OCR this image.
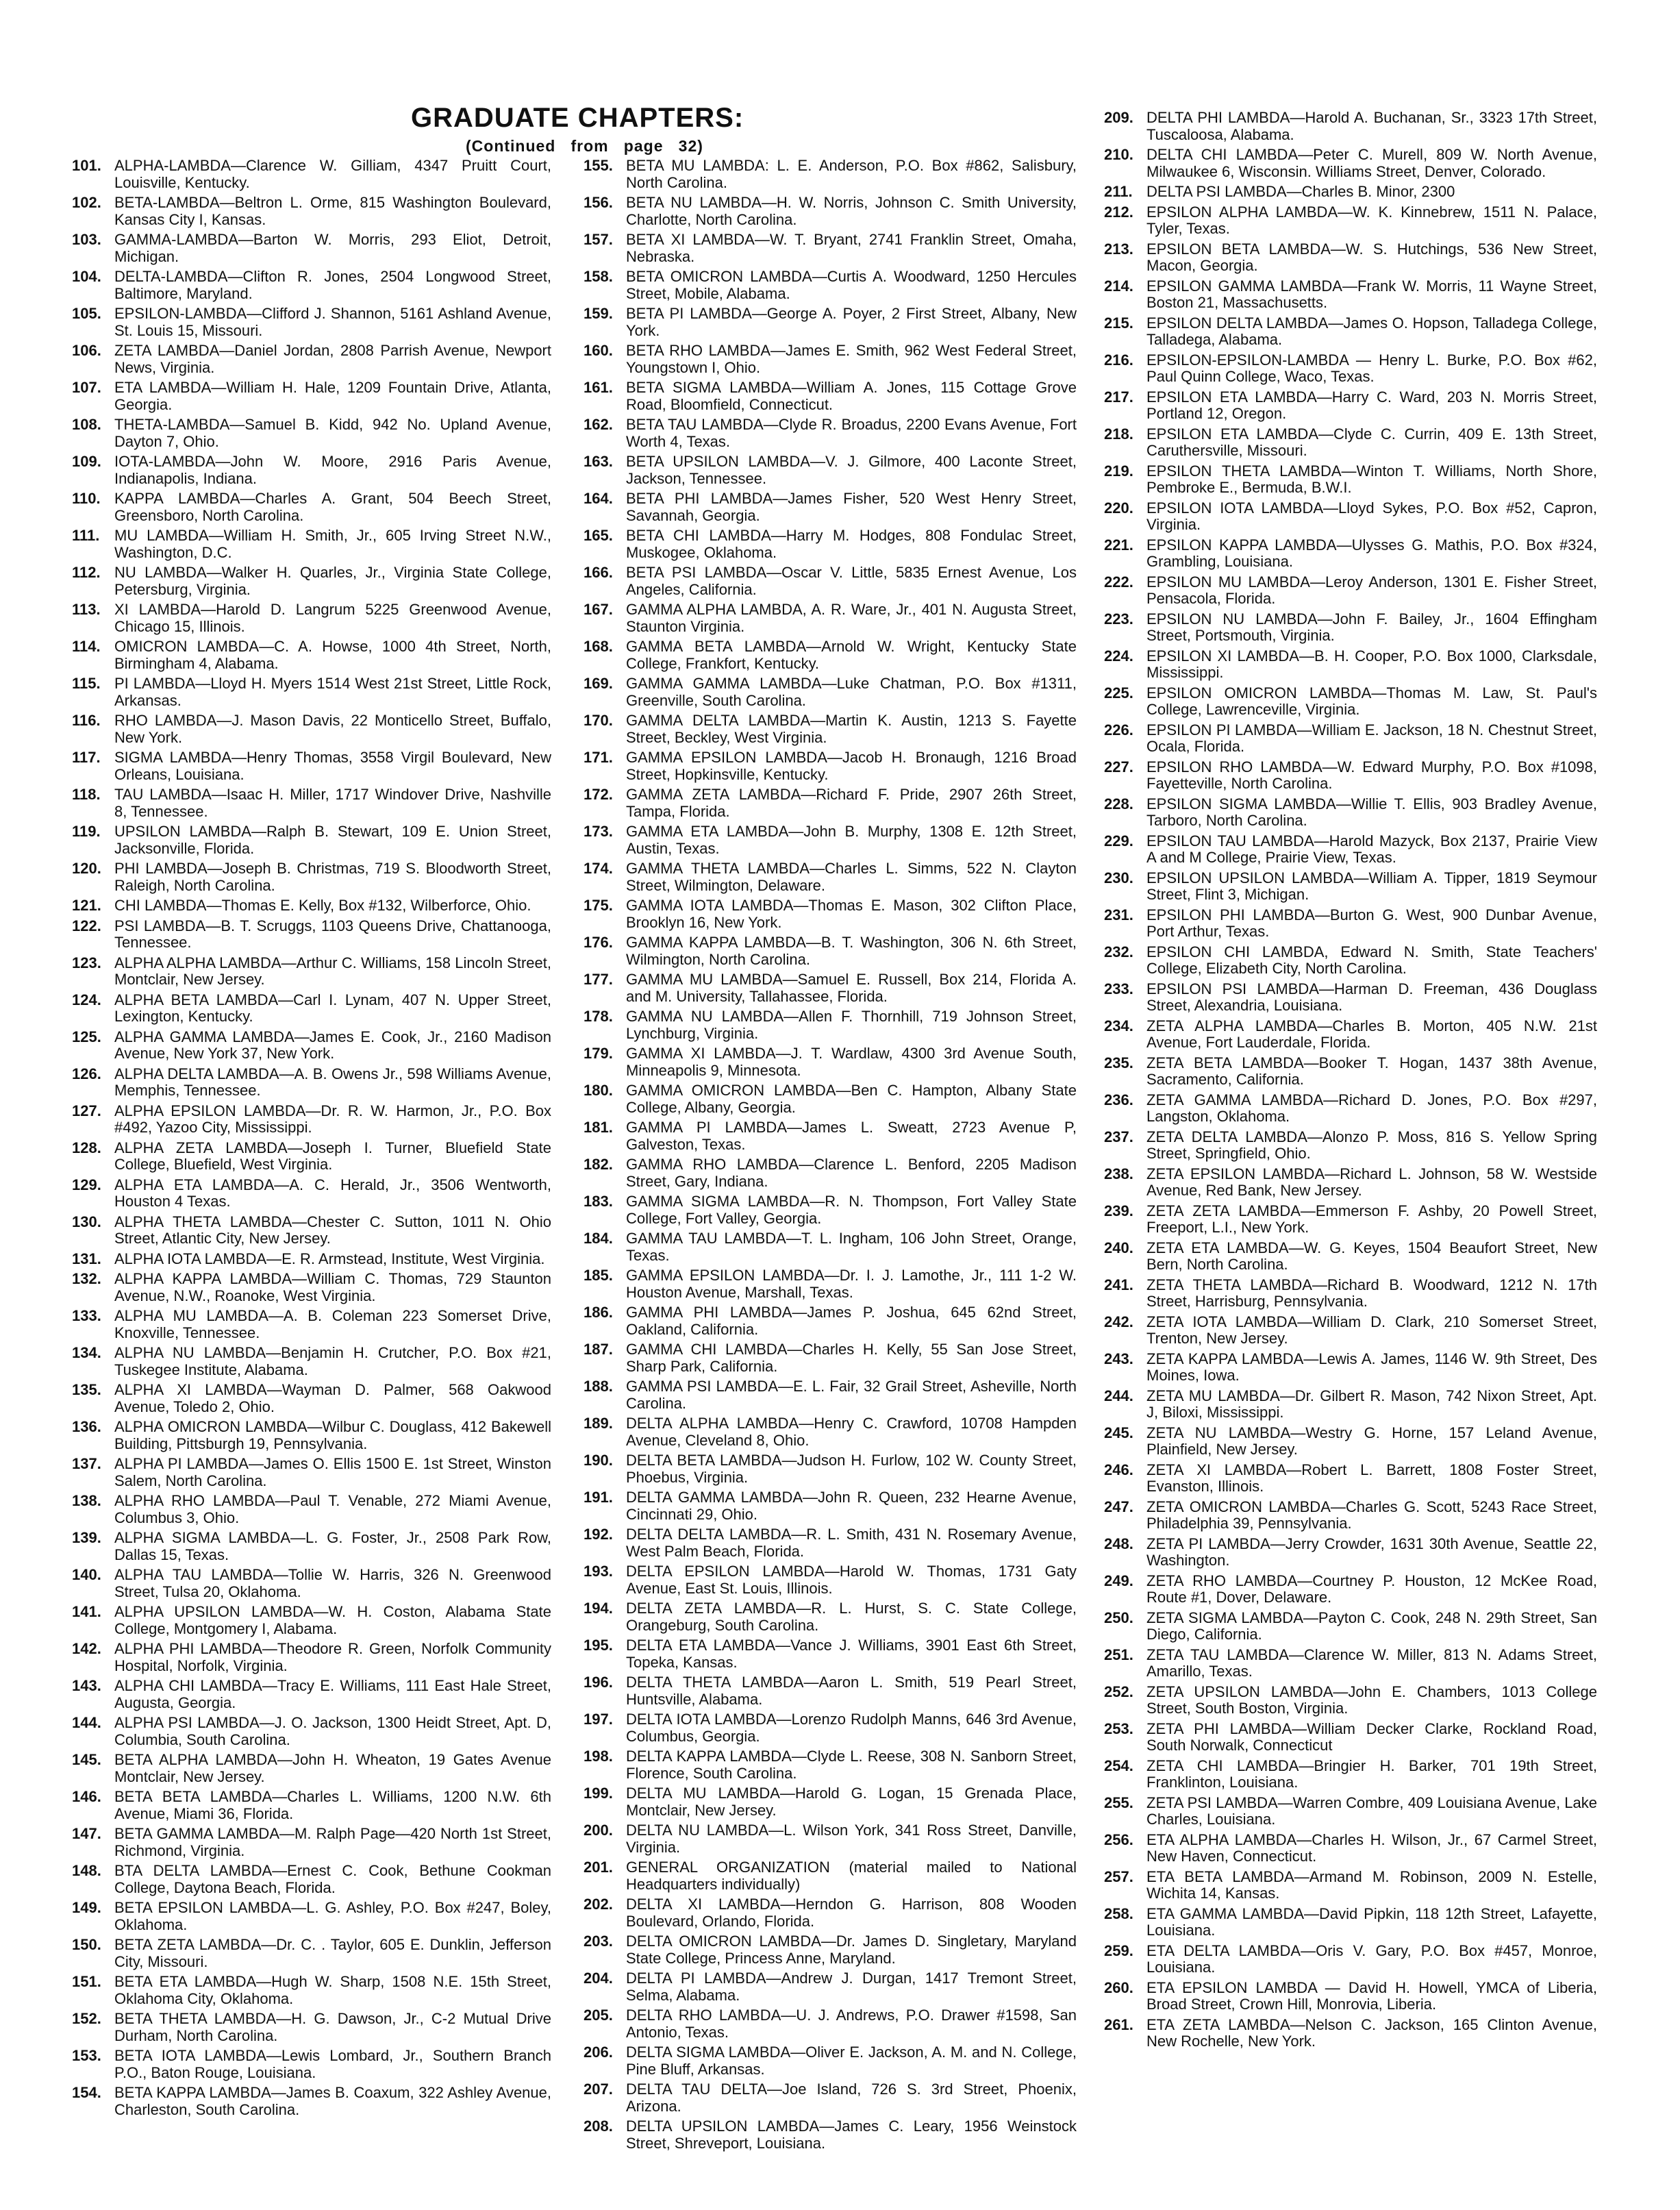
GRADUATE CHAPTERS:
(Continued   from   page   32)
101. ALPHA-LAMBDA—Clarence W. Gilliam, 4347 Pruitt Court, Louisville, Kentucky.
102. BETA-LAMBDA—Beltron L. Orme, 815 Washington Boulevard, Kansas City I, Kansas.
103. GAMMA-LAMBDA—Barton W. Morris, 293 Eliot, Detroit, Michigan.
104. DELTA-LAMBDA—Clifton R. Jones, 2504 Longwood Street, Baltimore, Maryland.
105. EPSILON-LAMBDA—Clifford J. Shannon, 5161 Ashland Avenue, St. Louis 15, Missouri.
106. ZETA LAMBDA—Daniel Jordan, 2808 Parrish Avenue, Newport News, Virginia.
107. ETA LAMBDA—William H. Hale, 1209 Fountain Drive, Atlanta, Georgia.
108. THETA-LAMBDA—Samuel B. Kidd, 942 No. Upland Avenue, Dayton 7, Ohio.
109. IOTA-LAMBDA—John W. Moore, 2916 Paris Avenue, Indianapolis, Indiana.
110. KAPPA LAMBDA—Charles A. Grant, 504 Beech Street, Greensboro, North Carolina.
111. MU LAMBDA—William H. Smith, Jr., 605 Irving Street N.W., Washington, D.C.
112. NU LAMBDA—Walker H. Quarles, Jr., Virginia State College, Petersburg, Virginia.
113. XI LAMBDA—Harold D. Langrum 5225 Greenwood Avenue, Chicago 15, Illinois.
114. OMICRON LAMBDA—C. A. Howse, 1000 4th Street, North, Birmingham 4, Alabama.
115. PI LAMBDA—Lloyd H. Myers 1514 West 21st Street, Little Rock, Arkansas.
116. RHO LAMBDA—J. Mason Davis, 22 Monticello Street, Buffalo, New York.
117. SIGMA LAMBDA—Henry Thomas, 3558 Virgil Boulevard, New Orleans, Louisiana.
118. TAU LAMBDA—Isaac H. Miller, 1717 Windover Drive, Nashville 8, Tennessee.
119. UPSILON LAMBDA—Ralph B. Stewart, 109 E. Union Street, Jacksonville, Florida.
120. PHI LAMBDA—Joseph B. Christmas, 719 S. Bloodworth Street, Raleigh, North Carolina.
121. CHI LAMBDA—Thomas E. Kelly, Box #132, Wilberforce, Ohio.
122. PSI LAMBDA—B. T. Scruggs, 1103 Queens Drive, Chattanooga, Tennessee.
123. ALPHA ALPHA LAMBDA—Arthur C. Williams, 158 Lincoln Street, Montclair, New Jersey.
124. ALPHA BETA LAMBDA—Carl I. Lynam, 407 N. Upper Street, Lexington, Kentucky.
125. ALPHA GAMMA LAMBDA—James E. Cook, Jr., 2160 Madison Avenue, New York 37, New York.
126. ALPHA DELTA LAMBDA—A. B. Owens Jr., 598 Williams Avenue, Memphis, Tennessee.
127. ALPHA EPSILON LAMBDA—Dr. R. W. Harmon, Jr., P.O. Box #492, Yazoo City, Mississippi.
128. ALPHA ZETA LAMBDA—Joseph I. Turner, Bluefield State College, Bluefield, West Virginia.
129. ALPHA ETA LAMBDA—A. C. Herald, Jr., 3506 Wentworth, Houston 4 Texas.
130. ALPHA THETA LAMBDA—Chester C. Sutton, 1011 N. Ohio Street, Atlantic City, New Jersey.
131. ALPHA IOTA LAMBDA—E. R. Armstead, Institute, West Virginia.
132. ALPHA KAPPA LAMBDA—William C. Thomas, 729 Staunton Avenue, N.W., Roanoke, West Virginia.
133. ALPHA MU LAMBDA—A. B. Coleman 223 Somerset Drive, Knoxville, Tennessee.
134. ALPHA NU LAMBDA—Benjamin H. Crutcher, P.O. Box #21, Tuskegee Institute, Alabama.
135. ALPHA XI LAMBDA—Wayman D. Palmer, 568 Oakwood Avenue, Toledo 2, Ohio.
136. ALPHA OMICRON LAMBDA—Wilbur C. Douglass, 412 Bakewell Building, Pittsburgh 19, Pennsylvania.
137. ALPHA PI LAMBDA—James O. Ellis 1500 E. 1st Street, Winston Salem, North Carolina.
138. ALPHA RHO LAMBDA—Paul T. Venable, 272 Miami Avenue, Columbus 3, Ohio.
139. ALPHA SIGMA LAMBDA—L. G. Foster, Jr., 2508 Park Row, Dallas 15, Texas.
140. ALPHA TAU LAMBDA—Tollie W. Harris, 326 N. Greenwood Street, Tulsa 20, Oklahoma.
141. ALPHA UPSILON LAMBDA—W. H. Coston, Alabama State College, Montgomery I, Alabama.
142. ALPHA PHI LAMBDA—Theodore R. Green, Norfolk Community Hospital, Norfolk, Virginia.
143. ALPHA CHI LAMBDA—Tracy E. Williams, 111 East Hale Street, Augusta, Georgia.
144. ALPHA PSI LAMBDA—J. O. Jackson, 1300 Heidt Street, Apt. D, Columbia, South Carolina.
145. BETA ALPHA LAMBDA—John H. Wheaton, 19 Gates Avenue Montclair, New Jersey.
146. BETA BETA LAMBDA—Charles L. Williams, 1200 N.W. 6th Avenue, Miami 36, Florida.
147. BETA GAMMA LAMBDA—M. Ralph Page—420 North 1st Street, Richmond, Virginia.
148. BTA DELTA LAMBDA—Ernest C. Cook, Bethune Cookman College, Daytona Beach, Florida.
149. BETA EPSILON LAMBDA—L. G. Ashley, P.O. Box #247, Boley, Oklahoma.
150. BETA ZETA LAMBDA—Dr. C. . Taylor, 605 E. Dunklin, Jefferson City, Missouri.
151. BETA ETA LAMBDA—Hugh W. Sharp, 1508 N.E. 15th Street, Oklahoma City, Oklahoma.
152. BETA THETA LAMBDA—H. G. Dawson, Jr., C-2 Mutual Drive Durham, North Carolina.
153. BETA IOTA LAMBDA—Lewis Lombard, Jr., Southern Branch P.O., Baton Rouge, Louisiana.
154. BETA KAPPA LAMBDA—James B. Coaxum, 322 Ashley Avenue, Charleston, South Carolina.
155. BETA MU LAMBDA: L. E. Anderson, P.O. Box #862, Salisbury, North Carolina.
156. BETA NU LAMBDA—H. W. Norris, Johnson C. Smith University, Charlotte, North Carolina.
157. BETA XI LAMBDA—W. T. Bryant, 2741 Franklin Street, Omaha, Nebraska.
158. BETA OMICRON LAMBDA—Curtis A. Woodward, 1250 Hercules Street, Mobile, Alabama.
159. BETA PI LAMBDA—George A. Poyer, 2 First Street, Albany, New York.
160. BETA RHO LAMBDA—James E. Smith, 962 West Federal Street, Youngstown I, Ohio.
161. BETA SIGMA LAMBDA—William A. Jones, 115 Cottage Grove Road, Bloomfield, Connecticut.
162. BETA TAU LAMBDA—Clyde R. Broadus, 2200 Evans Avenue, Fort Worth 4, Texas.
163. BETA UPSILON LAMBDA—V. J. Gilmore, 400 Laconte Street, Jackson, Tennessee.
164. BETA PHI LAMBDA—James Fisher, 520 West Henry Street, Savannah, Georgia.
165. BETA CHI LAMBDA—Harry M. Hodges, 808 Fondulac Street, Muskogee, Oklahoma.
166. BETA PSI LAMBDA—Oscar V. Little, 5835 Ernest Avenue, Los Angeles, California.
167. GAMMA ALPHA LAMBDA, A. R. Ware, Jr., 401 N. Augusta Street, Staunton Virginia.
168. GAMMA BETA LAMBDA—Arnold W. Wright, Kentucky State College, Frankfort, Kentucky.
169. GAMMA GAMMA LAMBDA—Luke Chatman, P.O. Box #1311, Greenville, South Carolina.
170. GAMMA DELTA LAMBDA—Martin K. Austin, 1213 S. Fayette Street, Beckley, West Virginia.
171. GAMMA EPSILON LAMBDA—Jacob H. Bronaugh, 1216 Broad Street, Hopkinsville, Kentucky.
172. GAMMA ZETA LAMBDA—Richard F. Pride, 2907 26th Street, Tampa, Florida.
173. GAMMA ETA LAMBDA—John B. Murphy, 1308 E. 12th Street, Austin, Texas.
174. GAMMA THETA LAMBDA—Charles L. Simms, 522 N. Clayton Street, Wilmington, Delaware.
175. GAMMA IOTA LAMBDA—Thomas E. Mason, 302 Clifton Place, Brooklyn 16, New York.
176. GAMMA KAPPA LAMBDA—B. T. Washington, 306 N. 6th Street, Wilmington, North Carolina.
177. GAMMA MU LAMBDA—Samuel E. Russell, Box 214, Florida A. and M. University, Tallahassee, Florida.
178. GAMMA NU LAMBDA—Allen F. Thornhill, 719 Johnson Street, Lynchburg, Virginia.
179. GAMMA XI LAMBDA—J. T. Wardlaw, 4300 3rd Avenue South, Minneapolis 9, Minnesota.
180. GAMMA OMICRON LAMBDA—Ben C. Hampton, Albany State College, Albany, Georgia.
181. GAMMA PI LAMBDA—James L. Sweatt, 2723 Avenue P, Galveston, Texas.
182. GAMMA RHO LAMBDA—Clarence L. Benford, 2205 Madison Street, Gary, Indiana.
183. GAMMA SIGMA LAMBDA—R. N. Thompson, Fort Valley State College, Fort Valley, Georgia.
184. GAMMA TAU LAMBDA—T. L. Ingham, 106 John Street, Orange, Texas.
185. GAMMA EPSILON LAMBDA—Dr. I. J. Lamothe, Jr., 111 1-2 W. Houston Avenue, Marshall, Texas.
186. GAMMA PHI LAMBDA—James P. Joshua, 645 62nd Street, Oakland, California.
187. GAMMA CHI LAMBDA—Charles H. Kelly, 55 San Jose Street, Sharp Park, California.
188. GAMMA PSI LAMBDA—E. L. Fair, 32 Grail Street, Asheville, North Carolina.
189. DELTA ALPHA LAMBDA—Henry C. Crawford, 10708 Hampden Avenue, Cleveland 8, Ohio.
190. DELTA BETA LAMBDA—Judson H. Furlow, 102 W. County Street, Phoebus, Virginia.
191. DELTA GAMMA LAMBDA—John R. Queen, 232 Hearne Avenue, Cincinnati 29, Ohio.
192. DELTA DELTA LAMBDA—R. L. Smith, 431 N. Rosemary Avenue, West Palm Beach, Florida.
193. DELTA EPSILON LAMBDA—Harold W. Thomas, 1731 Gaty Avenue, East St. Louis, Illinois.
194. DELTA ZETA LAMBDA—R. L. Hurst, S. C. State College, Orangeburg, South Carolina.
195. DELTA ETA LAMBDA—Vance J. Williams, 3901 East 6th Street, Topeka, Kansas.
196. DELTA THETA LAMBDA—Aaron L. Smith, 519 Pearl Street, Huntsville, Alabama.
197. DELTA IOTA LAMBDA—Lorenzo Rudolph Manns, 646 3rd Avenue, Columbus, Georgia.
198. DELTA KAPPA LAMBDA—Clyde L. Reese, 308 N. Sanborn Street, Florence, South Carolina.
199. DELTA MU LAMBDA—Harold G. Logan, 15 Grenada Place, Montclair, New Jersey.
200. DELTA NU LAMBDA—L. Wilson York, 341 Ross Street, Danville, Virginia.
201. GENERAL ORGANIZATION (material mailed to National Headquarters individually)
202. DELTA XI LAMBDA—Herndon G. Harrison, 808 Wooden Boulevard, Orlando, Florida.
203. DELTA OMICRON LAMBDA—Dr. James D. Singletary, Maryland State College, Princess Anne, Maryland.
204. DELTA PI LAMBDA—Andrew J. Durgan, 1417 Tremont Street, Selma, Alabama.
205. DELTA RHO LAMBDA—U. J. Andrews, P.O. Drawer #1598, San Antonio, Texas.
206. DELTA SIGMA LAMBDA—Oliver E. Jackson, A. M. and N. College, Pine Bluff, Arkansas.
207. DELTA TAU DELTA—Joe Island, 726 S. 3rd Street, Phoenix, Arizona.
208. DELTA UPSILON LAMBDA—James C. Leary, 1956 Weinstock Street, Shreveport, Louisiana.
209. DELTA PHI LAMBDA—Harold A. Buchanan, Sr., 3323 17th Street, Tuscaloosa, Alabama.
210. DELTA CHI LAMBDA—Peter C. Murell, 809 W. North Avenue, Milwaukee 6, Wisconsin. Williams Street, Denver, Colorado.
211. DELTA PSI LAMBDA—Charles B. Minor, 2300
212. EPSILON ALPHA LAMBDA—W. K. Kinnebrew, 1511 N. Palace, Tyler, Texas.
213. EPSILON BETA LAMBDA—W. S. Hutchings, 536 New Street, Macon, Georgia.
214. EPSILON GAMMA LAMBDA—Frank W. Morris, 11 Wayne Street, Boston 21, Massachusetts.
215. EPSILON DELTA LAMBDA—James O. Hopson, Talladega College, Talladega, Alabama.
216. EPSILON-EPSILON-LAMBDA — Henry L. Burke, P.O. Box #62, Paul Quinn College, Waco, Texas.
217. EPSILON ETA LAMBDA—Harry C. Ward, 203 N. Morris Street, Portland 12, Oregon.
218. EPSILON ETA LAMBDA—Clyde C. Currin, 409 E. 13th Street, Caruthersville, Missouri.
219. EPSILON THETA LAMBDA—Winton T. Williams, North Shore, Pembroke E., Bermuda, B.W.I.
220. EPSILON IOTA LAMBDA—Lloyd Sykes, P.O. Box #52, Capron, Virginia.
221. EPSILON KAPPA LAMBDA—Ulysses G. Mathis, P.O. Box #324, Grambling, Louisiana.
222. EPSILON MU LAMBDA—Leroy Anderson, 1301 E. Fisher Street, Pensacola, Florida.
223. EPSILON NU LAMBDA—John F. Bailey, Jr., 1604 Effingham Street, Portsmouth, Virginia.
224. EPSILON XI LAMBDA—B. H. Cooper, P.O. Box 1000, Clarksdale, Mississippi.
225. EPSILON OMICRON LAMBDA—Thomas M. Law, St. Paul's College, Lawrenceville, Virginia.
226. EPSILON PI LAMBDA—William E. Jackson, 18 N. Chestnut Street, Ocala, Florida.
227. EPSILON RHO LAMBDA—W. Edward Murphy, P.O. Box #1098, Fayetteville, North Carolina.
228. EPSILON SIGMA LAMBDA—Willie T. Ellis, 903 Bradley Avenue, Tarboro, North Carolina.
229. EPSILON TAU LAMBDA—Harold Mazyck, Box 2137, Prairie View A and M College, Prairie View, Texas.
230. EPSILON UPSILON LAMBDA—William A. Tipper, 1819 Seymour Street, Flint 3, Michigan.
231. EPSILON PHI LAMBDA—Burton G. West, 900 Dunbar Avenue, Port Arthur, Texas.
232. EPSILON CHI LAMBDA, Edward N. Smith, State Teachers' College, Elizabeth City, North Carolina.
233. EPSILON PSI LAMBDA—Harman D. Freeman, 436 Douglass Street, Alexandria, Louisiana.
234. ZETA ALPHA LAMBDA—Charles B. Morton, 405 N.W. 21st Avenue, Fort Lauderdale, Florida.
235. ZETA BETA LAMBDA—Booker T. Hogan, 1437 38th Avenue, Sacramento, California.
236. ZETA GAMMA LAMBDA—Richard D. Jones, P.O. Box #297, Langston, Oklahoma.
237. ZETA DELTA LAMBDA—Alonzo P. Moss, 816 S. Yellow Spring Street, Springfield, Ohio.
238. ZETA EPSILON LAMBDA—Richard L. Johnson, 58 W. Westside Avenue, Red Bank, New Jersey.
239. ZETA ZETA LAMBDA—Emmerson F. Ashby, 20 Powell Street, Freeport, L.I., New York.
240. ZETA ETA LAMBDA—W. G. Keyes, 1504 Beaufort Street, New Bern, North Carolina.
241. ZETA THETA LAMBDA—Richard B. Woodward, 1212 N. 17th Street, Harrisburg, Pennsylvania.
242. ZETA IOTA LAMBDA—William D. Clark, 210 Somerset Street, Trenton, New Jersey.
243. ZETA KAPPA LAMBDA—Lewis A. James, 1146 W. 9th Street, Des Moines, Iowa.
244. ZETA MU LAMBDA—Dr. Gilbert R. Mason, 742 Nixon Street, Apt. J, Biloxi, Mississippi.
245. ZETA NU LAMBDA—Westry G. Horne, 157 Leland Avenue, Plainfield, New Jersey.
246. ZETA XI LAMBDA—Robert L. Barrett, 1808 Foster Street, Evanston, Illinois.
247. ZETA OMICRON LAMBDA—Charles G. Scott, 5243 Race Street, Philadelphia 39, Pennsylvania.
248. ZETA PI LAMBDA—Jerry Crowder, 1631 30th Avenue, Seattle 22, Washington.
249. ZETA RHO LAMBDA—Courtney P. Houston, 12 McKee Road, Route #1, Dover, Delaware.
250. ZETA SIGMA LAMBDA—Payton C. Cook, 248 N. 29th Street, San Diego, California.
251. ZETA TAU LAMBDA—Clarence W. Miller, 813 N. Adams Street, Amarillo, Texas.
252. ZETA UPSILON LAMBDA—John E. Chambers, 1013 College Street, South Boston, Virginia.
253. ZETA PHI LAMBDA—William Decker Clarke, Rockland Road, South Norwalk, Connecticut
254. ZETA CHI LAMBDA—Bringier H. Barker, 701 19th Street, Franklinton, Louisiana.
255. ZETA PSI LAMBDA—Warren Combre, 409 Louisiana Avenue, Lake Charles, Louisiana.
256. ETA ALPHA LAMBDA—Charles H. Wilson, Jr., 67 Carmel Street, New Haven, Connecticut.
257. ETA BETA LAMBDA—Armand M. Robinson, 2009 N. Estelle, Wichita 14, Kansas.
258. ETA GAMMA LAMBDA—David Pipkin, 118 12th Street, Lafayette, Louisiana.
259. ETA DELTA LAMBDA—Oris V. Gary, P.O. Box #457, Monroe, Louisiana.
260. ETA EPSILON LAMBDA — David H. Howell, YMCA of Liberia, Broad Street, Crown Hill, Monrovia, Liberia.
261. ETA ZETA LAMBDA—Nelson C. Jackson, 165 Clinton Avenue, New Rochelle, New York.
